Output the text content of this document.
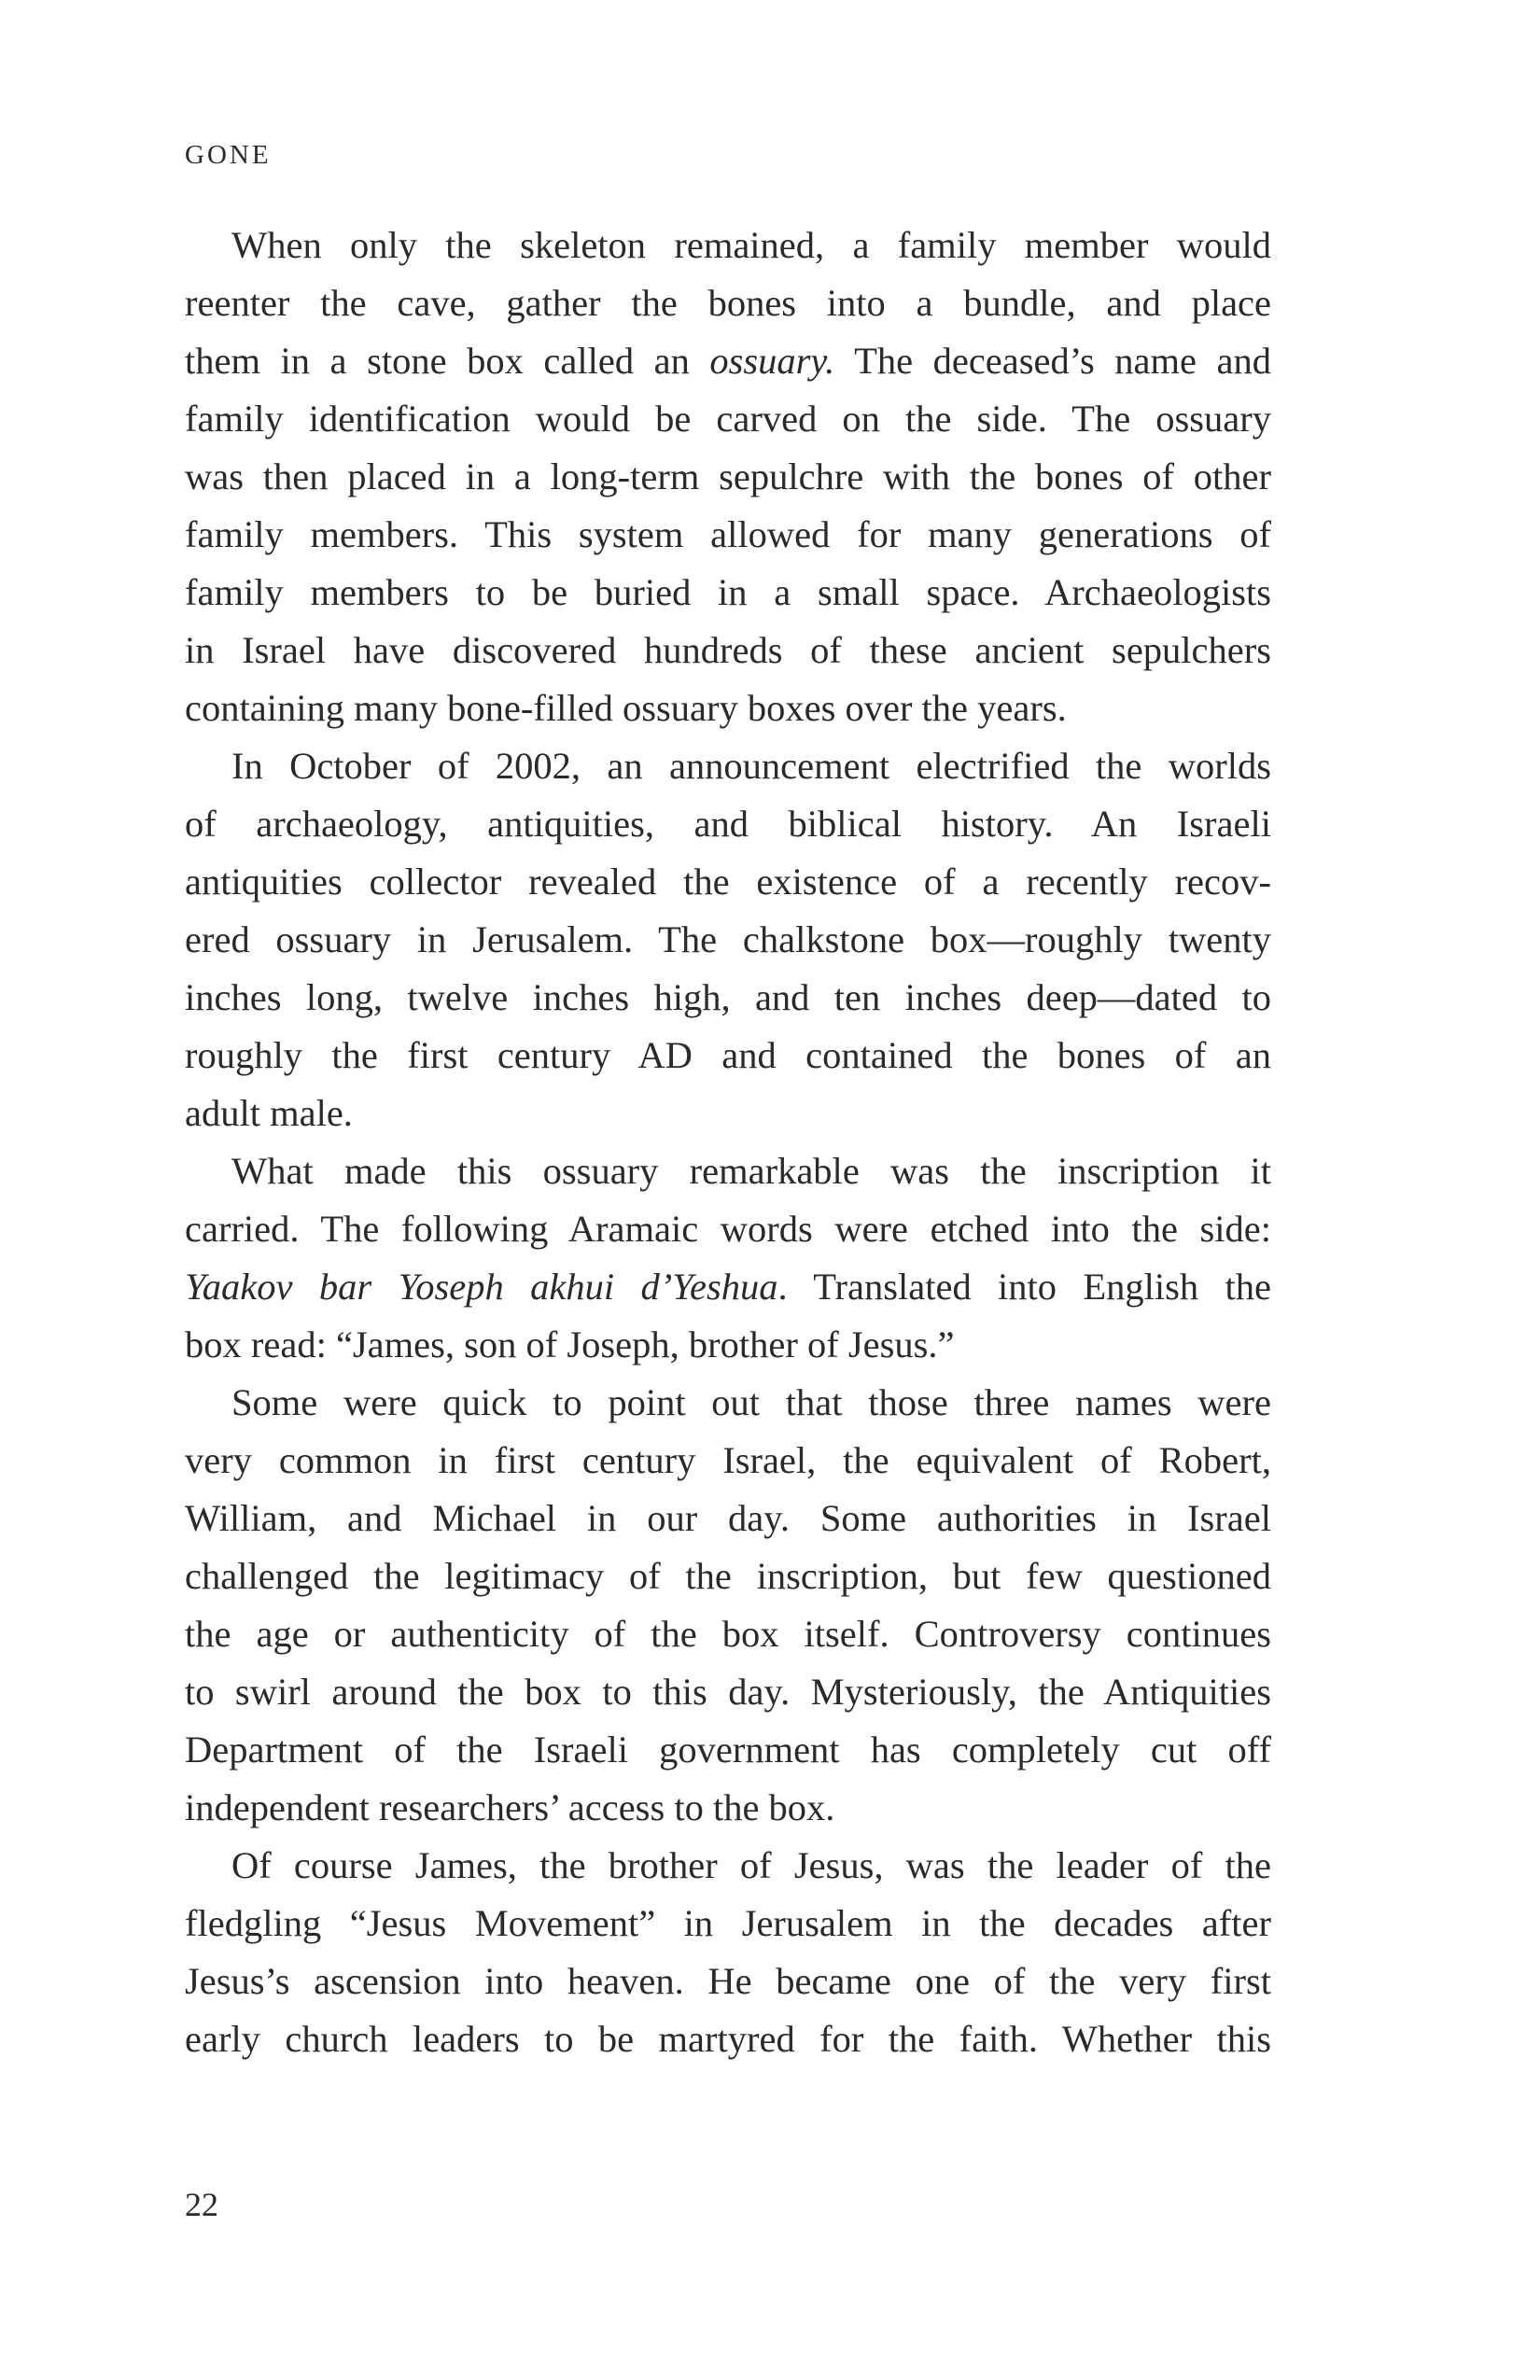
GONE
When only the skeleton remained, a family member would
reenter the cave, gather the bones into a bundle, and place
them in a stone box called an ossuary. The deceased’s name and
family identification would be carved on the side. The ossuary
was then placed in a long-term sepulchre with the bones of other
family members. This system allowed for many generations of
family members to be buried in a small space. Archaeologists
in Israel have discovered hundreds of these ancient sepulchers
containing many bone-filled ossuary boxes over the years.
In October of 2002, an announcement electrified the worlds
of archaeology, antiquities, and biblical history. An Israeli
antiquities collector revealed the existence of a recently recov-
ered ossuary in Jerusalem. The chalkstone box—roughly twenty
inches long, twelve inches high, and ten inches deep—dated to
roughly the first century AD and contained the bones of an
adult male.
What made this ossuary remarkable was the inscription it
carried. The following Aramaic words were etched into the side:
Yaakov bar Yoseph akhui d’Yeshua. Translated into English the
box read: “James, son of Joseph, brother of Jesus.”
Some were quick to point out that those three names were
very common in first century Israel, the equivalent of Robert,
William, and Michael in our day. Some authorities in Israel
challenged the legitimacy of the inscription, but few questioned
the age or authenticity of the box itself. Controversy continues
to swirl around the box to this day. Mysteriously, the Antiquities
Department of the Israeli government has completely cut off
independent researchers’ access to the box.
Of course James, the brother of Jesus, was the leader of the
fledgling “Jesus Movement” in Jerusalem in the decades after
Jesus’s ascension into heaven. He became one of the very first
early church leaders to be martyred for the faith. Whether this
22
